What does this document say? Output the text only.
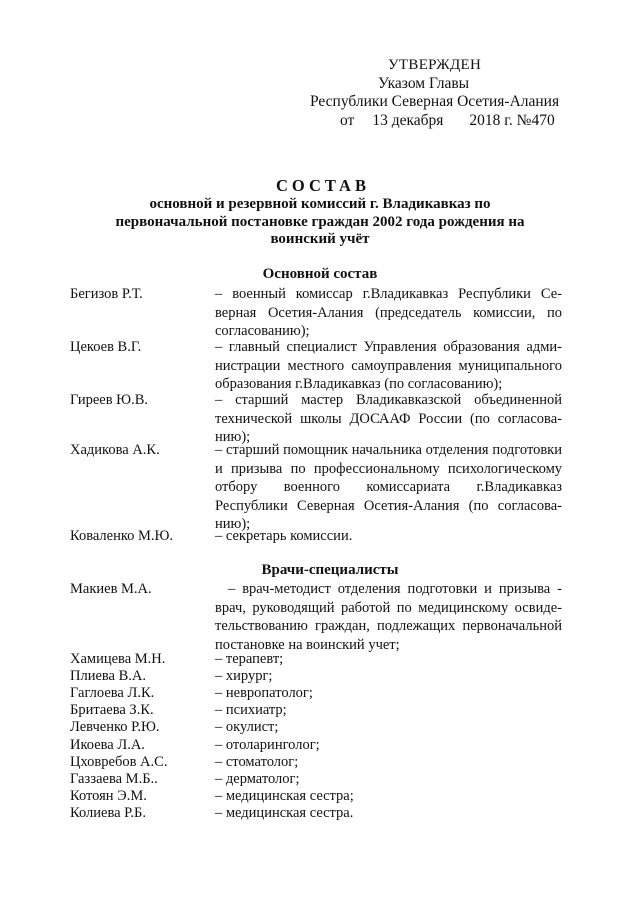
УТВЕРЖДЕН
Указом Главы
Республики Северная Осетия-Алания
от 13 декабря 2018 г. №470
СОСТАВ
основной и резервной комиссий г. Владикавказ по первоначальной постановке граждан 2002 года рождения на воинский учёт
Основной состав
Бегизов Р.Т.	– военный комиссар г.Владикавказ Республики Северная Осетия-Алания (председатель комиссии, по согласованию);
Цекоев В.Г.	– главный специалист Управления образования администрации местного самоуправления муниципального образования г.Владикавказ (по согласованию);
Гиреев Ю.В.	– старший мастер Владикавказской объединенной технической школы ДОСААФ России (по согласованию);
Хадикова А.К.	– старший помощник начальника отделения подготовки и призыва по профессиональному психологическому отбору военного комиссариата г.Владикавказ Республики Северная Осетия-Алания (по согласованию);
Коваленко М.Ю.	– секретарь комиссии.
Врачи-специалисты
Макиев М.А.	– врач-методист отделения подготовки и призыва - врач, руководящий работой по медицинскому освидетельствованию граждан, подлежащих первоначальной постановке на воинский учет;
Хамицева М.Н.	– терапевт;
Плиева В.А.	– хирург;
Гаглоева Л.К.	– невропатолог;
Бритаева З.К.	– психиатр;
Левченко Р.Ю.	– окулист;
Икоева Л.А.	– отоларинголог;
Цховребов А.С.	– стоматолог;
Газзаева М.Б..	– дерматолог;
Котоян Э.М.	– медицинская сестра;
Колиева Р.Б.	– медицинская сестра.
